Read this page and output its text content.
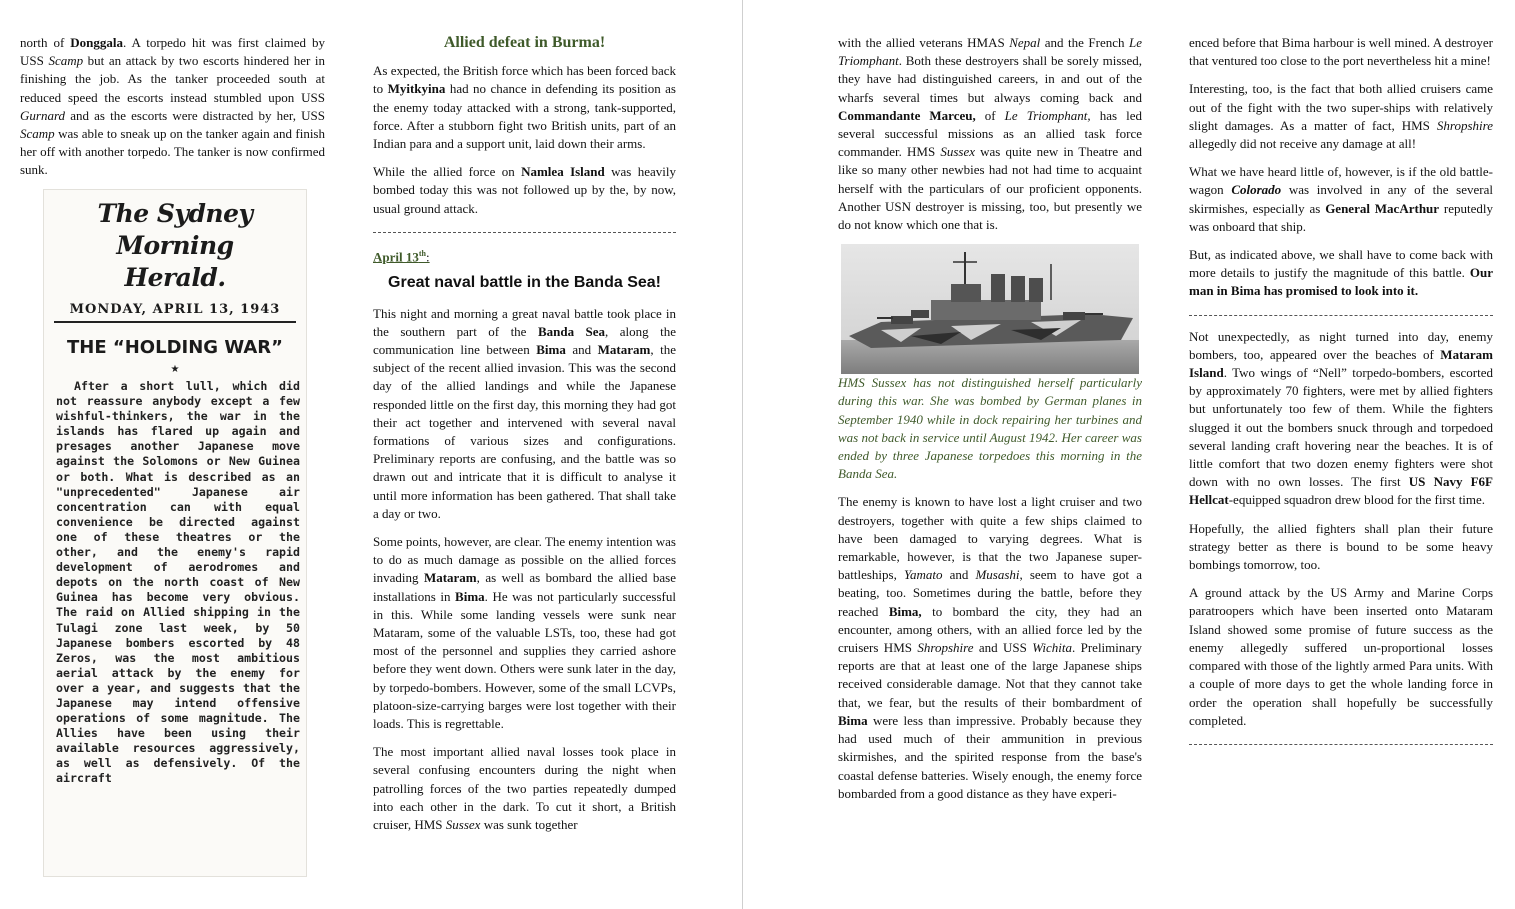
north of Donggala. A torpedo hit was first claimed by USS Scamp but an attack by two escorts hindered her in finishing the job. As the tanker proceeded south at reduced speed the escorts instead stumbled upon USS Gurnard and as the escorts were distracted by her, USS Scamp was able to sneak up on the tanker again and finish her off with another torpedo. The tanker is now confirmed sunk.

The Sydney Morning
Herald.
MONDAY, APRIL 13, 1943
THE “HOLDING WAR”
★
After a short lull, which did not reassure anybody except a few wishful-thinkers, the war in the islands has flared up again and presages another Japanese move against the Solomons or New Guinea or both. What is described as an "unprecedented" Japanese air concentration can with equal convenience be directed against one of these theatres or the other, and the enemy's rapid development of aerodromes and depots on the north coast of New Guinea has become very obvious. The raid on Allied shipping in the Tulagi zone last week, by 50 Japanese bombers escorted by 48 Zeros, was the most ambitious aerial attack by the enemy for over a year, and suggests that the Japanese may intend offensive operations of some magnitude. The Allies have been using their available resources aggressively, as well as defensively. Of the aircraft
Allied defeat in Burma!

As expected, the British force which has been forced back to Myitkyina had no chance in defending its position as the enemy today attacked with a strong, tank-supported, force. After a stubborn fight two British units, part of an Indian para and a support unit, laid down their arms.

While the allied force on Namlea Island was heavily bombed today this was not followed up by the, by now, usual ground attack.

April 13th:
Great naval battle in the Banda Sea!

This night and morning a great naval battle took place in the southern part of the Banda Sea, along the communication line between Bima and Mataram, the subject of the recent allied invasion. This was the second day of the allied landings and while the Japanese responded little on the first day, this morning they had got their act together and intervened with several naval formations of various sizes and configurations. Preliminary reports are confusing, and the battle was so drawn out and intricate that it is difficult to analyse it until more information has been gathered. That shall take a day or two.

Some points, however, are clear. The enemy intention was to do as much damage as possible on the allied forces invading Mataram, as well as bombard the allied base installations in Bima. He was not particularly successful in this. While some landing vessels were sunk near Mataram, some of the valuable LSTs, too, these had got most of the personnel and supplies they carried ashore before they went down. Others were sunk later in the day, by torpedo-bombers. However, some of the small LCVPs, platoon-size-carrying barges were lost together with their loads. This is regrettable.

The most important allied naval losses took place in several confusing encounters during the night when patrolling forces of the two parties repeatedly dumped into each other in the dark. To cut it short, a British cruiser, HMS Sussex was sunk together

with the allied veterans HMAS Nepal and the French Le Triomphant. Both these destroyers shall be sorely missed, they have had distinguished careers, in and out of the wharfs several times but always coming back and Commandante Marceu, of Le Triomphant, has led several successful missions as an allied task force commander. HMS Sussex was quite new in Theatre and like so many other newbies had not had time to acquaint herself with the particulars of our proficient opponents. Another USN destroyer is missing, too, but presently we do not know which one that is.

HMS Sussex has not distinguished herself particularly during this war. She was bombed by German planes in September 1940 while in dock repairing her turbines and was not back in service until August 1942. Her career was ended by three Japanese torpedoes this morning in the Banda Sea.

The enemy is known to have lost a light cruiser and two destroyers, together with quite a few ships claimed to have been damaged to varying degrees. What is remarkable, however, is that the two Japanese super-battleships, Yamato and Musashi, seem to have got a beating, too. Sometimes during the battle, before they reached Bima, to bombard the city, they had an encounter, among others, with an allied force led by the cruisers HMS Shropshire and USS Wichita. Preliminary reports are that at least one of the large Japanese ships received considerable damage. Not that they cannot take that, we fear, but the results of their bombardment of Bima were less than impressive. Probably because they had used much of their ammunition in previous skirmishes, and the spirited response from the base's coastal defense batteries. Wisely enough, the enemy force bombarded from a good distance as they have experi-

enced before that Bima harbour is well mined. A destroyer that ventured too close to the port nevertheless hit a mine!

Interesting, too, is the fact that both allied cruisers came out of the fight with the two super-ships with relatively slight damages. As a matter of fact, HMS Shropshire allegedly did not receive any damage at all!

What we have heard little of, however, is if the old battle-wagon Colorado was involved in any of the several skirmishes, especially as General MacArthur reputedly was onboard that ship.

But, as indicated above, we shall have to come back with more details to justify the magnitude of this battle. Our man in Bima has promised to look into it.

Not unexpectedly, as night turned into day, enemy bombers, too, appeared over the beaches of Mataram Island. Two wings of “Nell” torpedo-bombers, escorted by approximately 70 fighters, were met by allied fighters but unfortunately too few of them. While the fighters slugged it out the bombers snuck through and torpedoed several landing craft hovering near the beaches. It is of little comfort that two dozen enemy fighters were shot down with no own losses. The first US Navy F6F Hellcat-equipped squadron drew blood for the first time.

Hopefully, the allied fighters shall plan their future strategy better as there is bound to be some heavy bombings tomorrow, too.

A ground attack by the US Army and Marine Corps paratroopers which have been inserted onto Mataram Island showed some promise of future success as the enemy allegedly suffered un-proportional losses compared with those of the lightly armed Para units. With a couple of more days to get the whole landing force in order the operation shall hopefully be successfully completed.
